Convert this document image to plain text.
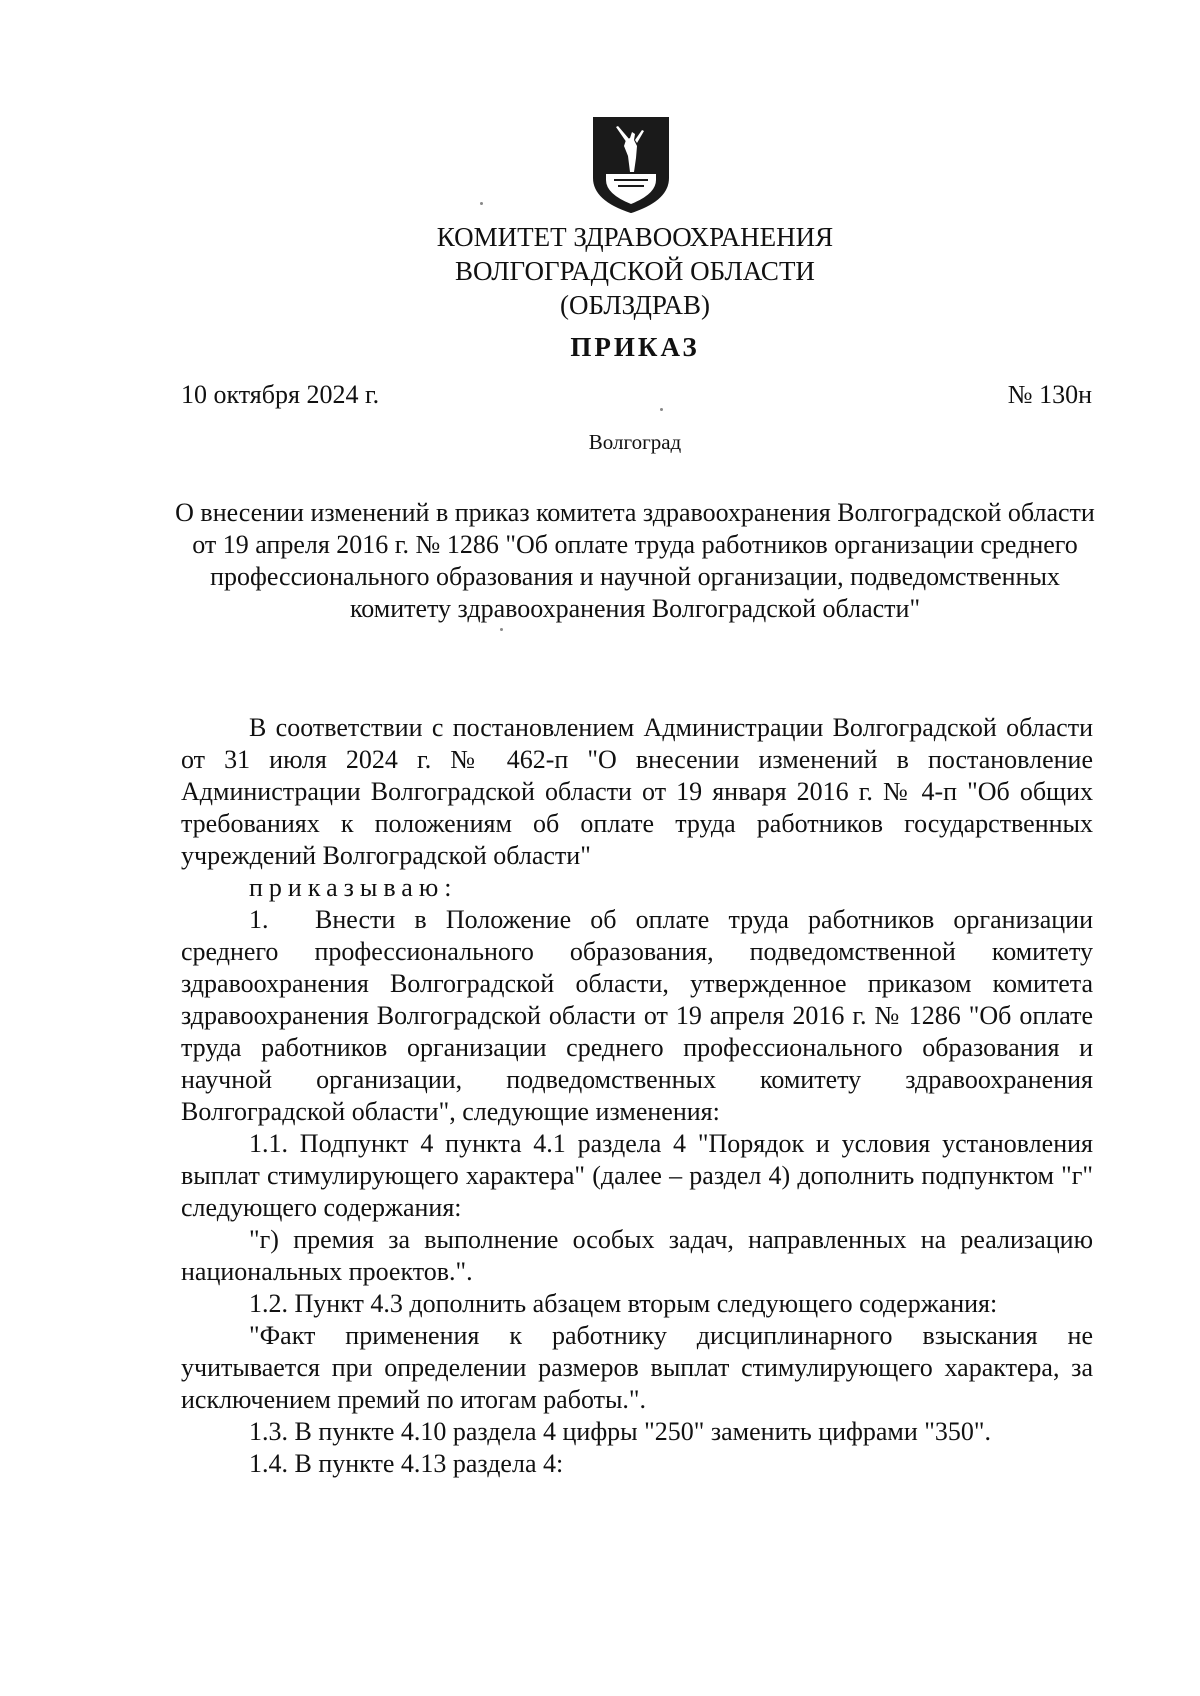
КОМИТЕТ ЗДРАВООХРАНЕНИЯ
ВОЛГОГРАДСКОЙ ОБЛАСТИ
(ОБЛЗДРАВ)
ПРИКАЗ
10 октября 2024 г.	№ 130н
Волгоград
О внесении изменений в приказ комитета здравоохранения Волгоградской области от 19 апреля 2016 г. № 1286 "Об оплате труда работников организации среднего профессионального образования и научной организации, подведомственных комитету здравоохранения Волгоградской области"

В соответствии с постановлением Администрации Волгоградской области от 31 июля 2024 г. № 462-п "О внесении изменений в постановление Администрации Волгоградской области от 19 января 2016 г. № 4-п "Об общих требованиях к положениям об оплате труда работников государственных учреждений Волгоградской области"

приказываю:

1. Внести в Положение об оплате труда работников организации среднего профессионального образования, подведомственной комитету здравоохранения Волгоградской области, утвержденное приказом комитета здравоохранения Волгоградской области от 19 апреля 2016 г. № 1286 "Об оплате труда работников организации среднего профессионального образования и научной организации, подведомственных комитету здравоохранения Волгоградской области", следующие изменения:

1.1. Подпункт 4 пункта 4.1 раздела 4 "Порядок и условия установления выплат стимулирующего характера" (далее – раздел 4) дополнить подпунктом "г" следующего содержания:

"г) премия за выполнение особых задач, направленных на реализацию национальных проектов.".

1.2. Пункт 4.3 дополнить абзацем вторым следующего содержания:

"Факт применения к работнику дисциплинарного взыскания не учитывается при определении размеров выплат стимулирующего характера, за исключением премий по итогам работы.".

1.3. В пункте 4.10 раздела 4 цифры "250" заменить цифрами "350".

1.4. В пункте 4.13 раздела 4:
